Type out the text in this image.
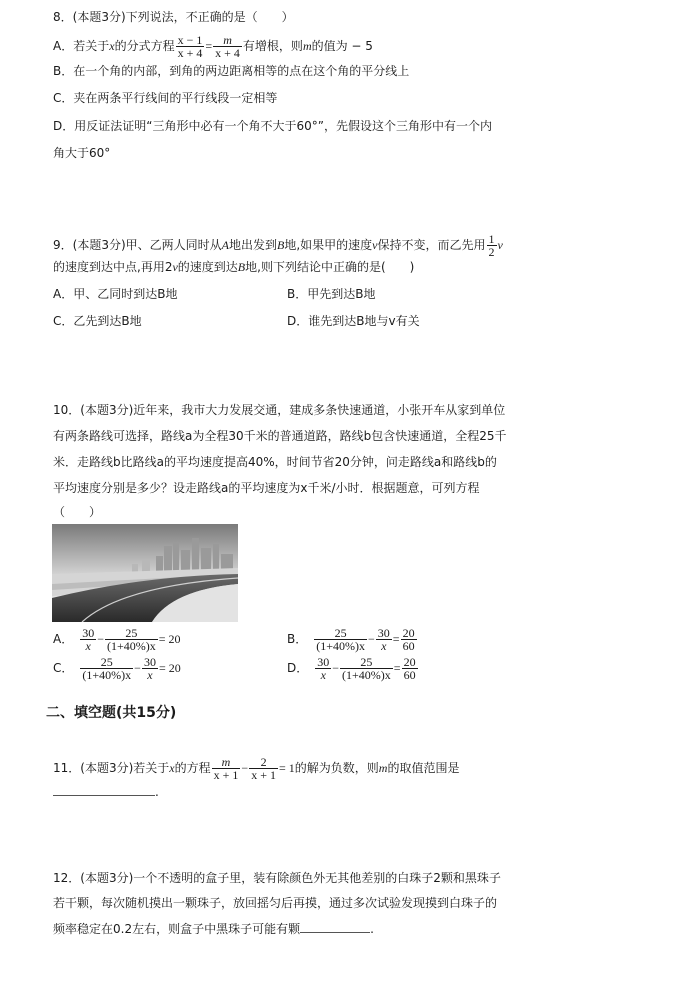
8．(本题3分)下列说法，不正确的是（　　）
A．若关于x的分式方程 $\frac{x - 1}{x + 4} = \frac{m}{x + 4}$ 有增根，则m的值为 − 5
B．在一个角的内部，到角的两边距离相等的点在这个角的平分线上
C．夹在两条平行线间的平行线段一定相等
D．用反证法证明“三角形中必有一个角不大于60°”，先假设这个三角形中有一个内
角大于60°
9．(本题3分)甲、乙两人同时从A地出发到B地,如果甲的速度v保持不变，而乙先用 $\frac{1}{2}$ v
的速度到达中点,再用2v的速度到达B地,则下列结论中正确的是(　　)
A．甲、乙同时到达B地	B．甲先到达B地
C．乙先到达B地	D．谁先到达B地与v有关
10．(本题3分)近年来，我市大力发展交通，建成多条快速通道，小张开车从家到单位
有两条路线可选择，路线a为全程30千米的普通道路，路线b包含快速通道，全程25千
米．走路线b比路线a的平均速度提高40%，时间节省20分钟，问走路线a和路线b的
平均速度分别是多少？设走路线a的平均速度为x千米/小时．根据题意，可列方程
（　　）
A． $\frac{30}{x} - \frac{25}{(1+40\%)x} = 20$	B． $\frac{25}{(1+40\%)x} - \frac{30}{x} = \frac{20}{60}$
C． $\frac{25}{(1+40\%)x} - \frac{30}{x} = 20$	D． $\frac{30}{x} - \frac{25}{(1+40\%)x} = \frac{20}{60}$
二、填空题(共15分)
11．(本题3分)若关于x的方程 $\frac{m}{x + 1} - \frac{2}{x + 1} = 1$的解为负数，则m的取值范围是
.
12．(本题3分)一个不透明的盒子里，装有除颜色外无其他差别的白珠子2颗和黑珠子
若干颗，每次随机摸出一颗珠子，放回摇匀后再摸，通过多次试验发现摸到白珠子的
频率稳定在0.2左右，则盒子中黑珠子可能有颗	.
